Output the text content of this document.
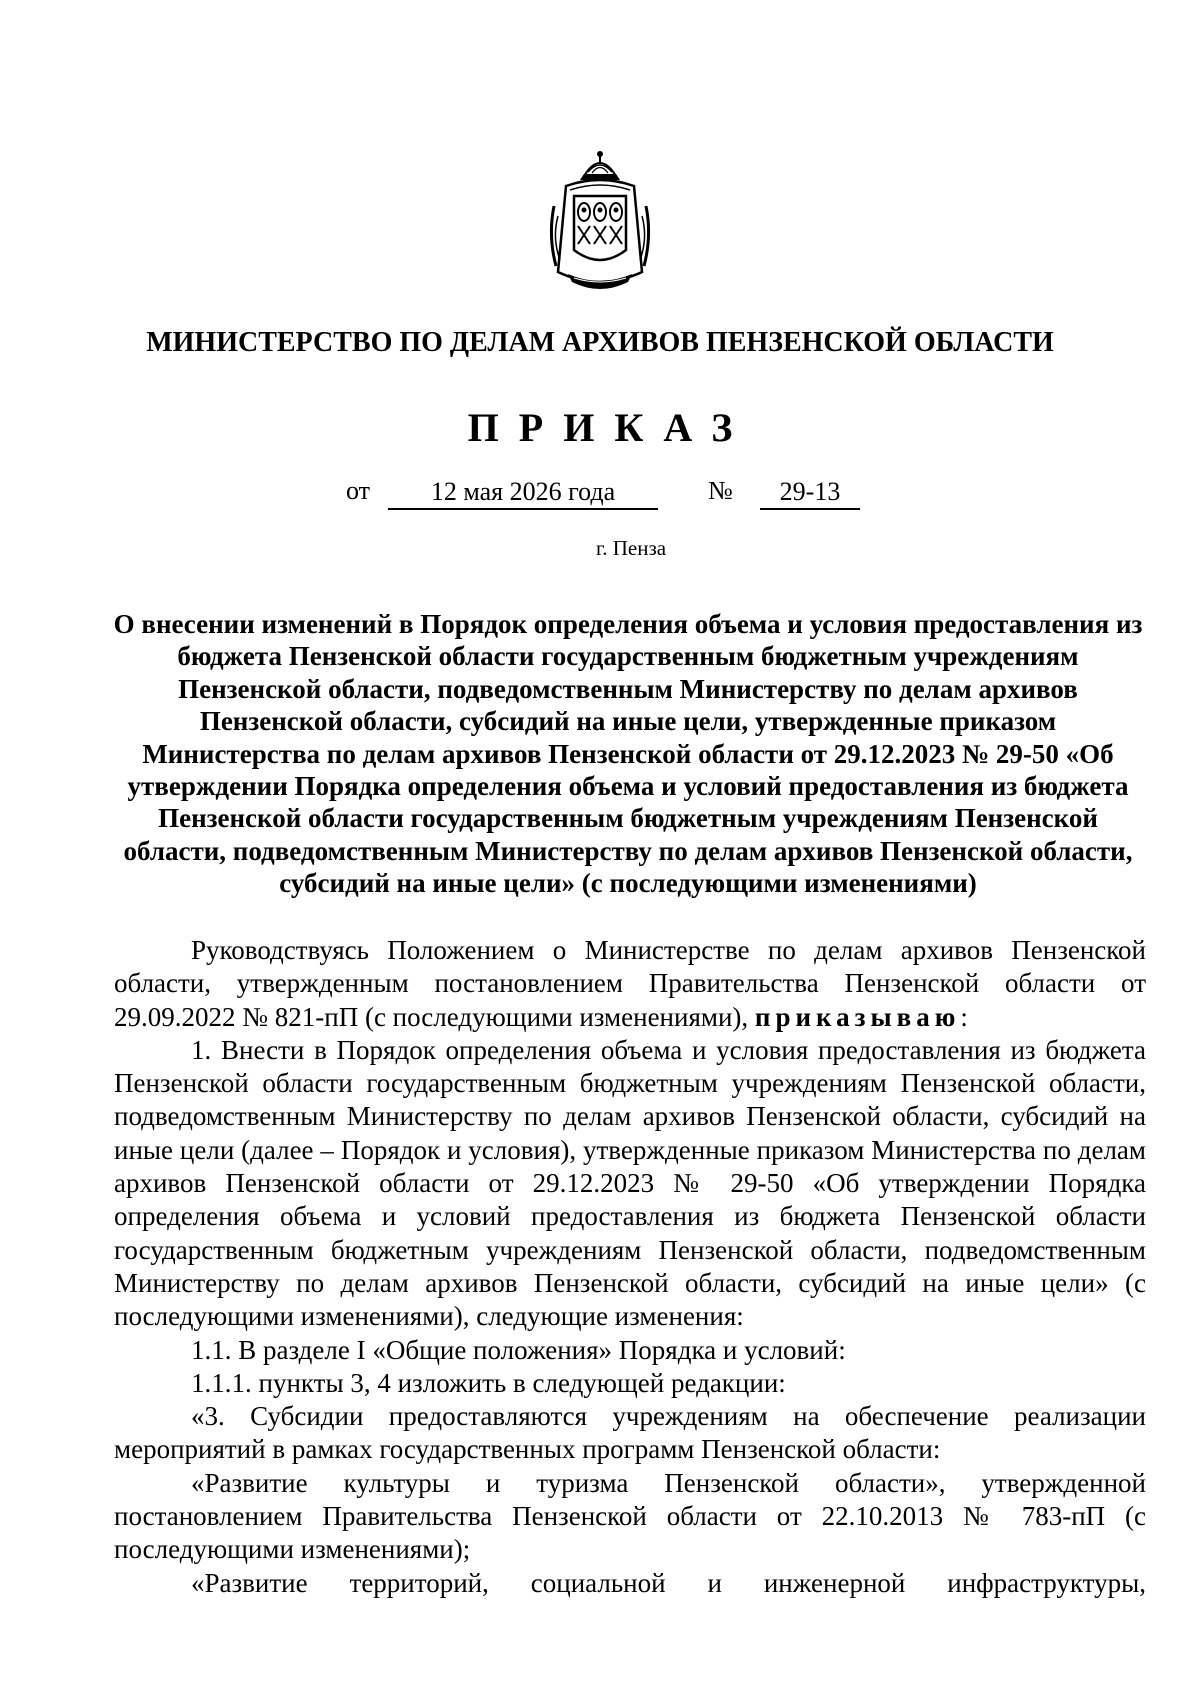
МИНИСТЕРСТВО ПО ДЕЛАМ АРХИВОВ ПЕНЗЕНСКОЙ ОБЛАСТИ
ПРИКАЗ
от	12 мая 2026 года	№	29-13
г. Пенза
О внесении изменений в Порядок определения объема и условия предоставления из бюджета Пензенской области государственным бюджетным учреждениям Пензенской области, подведомственным Министерству по делам архивов Пензенской области, субсидий на иные цели, утвержденные приказом Министерства по делам архивов Пензенской области от 29.12.2023 № 29-50 «Об утверждении Порядка определения объема и условий предоставления из бюджета Пензенской области государственным бюджетным учреждениям Пензенской области, подведомственным Министерству по делам архивов Пензенской области, субсидий на иные цели» (с последующими изменениями)

Руководствуясь Положением о Министерстве по делам архивов Пензенской области, утвержденным постановлением Правительства Пензенской области от 29.09.2022 № 821-пП (с последующими изменениями), приказываю:

1. Внести в Порядок определения объема и условия предоставления из бюджета Пензенской области государственным бюджетным учреждениям Пензенской области, подведомственным Министерству по делам архивов Пензенской области, субсидий на иные цели (далее – Порядок и условия), утвержденные приказом Министерства по делам архивов Пензенской области от 29.12.2023 № 29-50 «Об утверждении Порядка определения объема и условий предоставления из бюджета Пензенской области государственным бюджетным учреждениям Пензенской области, подведомственным Министерству по делам архивов Пензенской области, субсидий на иные цели» (с последующими изменениями), следующие изменения:

1.1. В разделе I «Общие положения» Порядка и условий:

1.1.1. пункты 3, 4 изложить в следующей редакции:

«3. Субсидии предоставляются учреждениям на обеспечение реализации мероприятий в рамках государственных программ Пензенской области:

«Развитие культуры и туризма Пензенской области», утвержденной постановлением Правительства Пензенской области от 22.10.2013 № 783-пП (с последующими изменениями);

«Развитие территорий, социальной и инженерной инфраструктуры,
